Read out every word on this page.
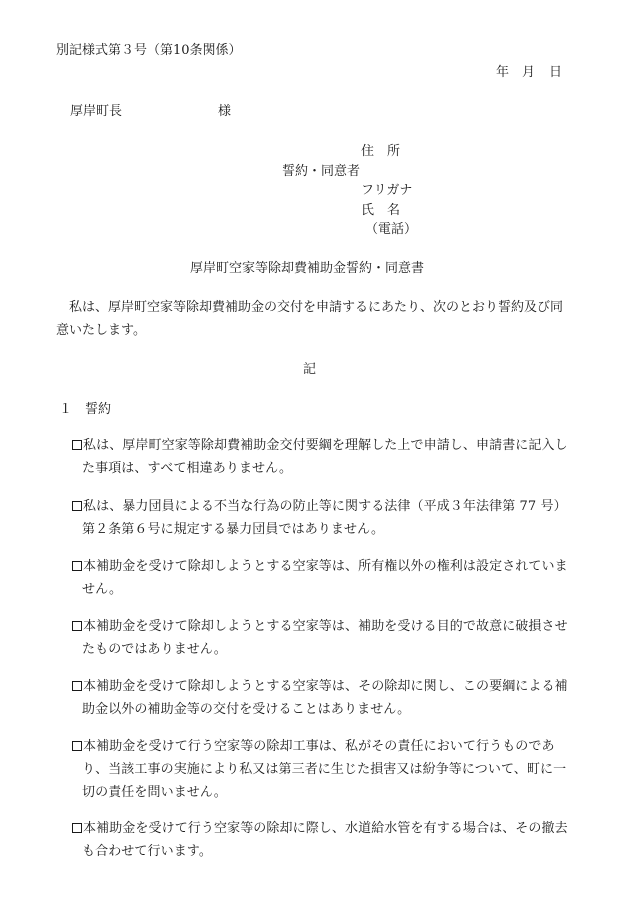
別記様式第３号（第10条関係）
年 月 日
厚岸町長	様
住　所
誓約・同意者
フリガナ
氏　名
（電話）
厚岸町空家等除却費補助金誓約・同意書
私は、厚岸町空家等除却費補助金の交付を申請するにあたり、次のとおり誓約及び同意いたします。
記
１　誓約
私は、厚岸町空家等除却費補助金交付要綱を理解した上で申請し、申請書に記入した事項は、すべて相違ありません。
私は、暴力団員による不当な行為の防止等に関する法律（平成３年法律第 77 号）第２条第６号に規定する暴力団員ではありません。
本補助金を受けて除却しようとする空家等は、所有権以外の権利は設定されていません。
本補助金を受けて除却しようとする空家等は、補助を受ける目的で故意に破損させたものではありません。
本補助金を受けて除却しようとする空家等は、その除却に関し、この要綱による補助金以外の補助金等の交付を受けることはありません。
本補助金を受けて行う空家等の除却工事は、私がその責任において行うものであり、当該工事の実施により私又は第三者に生じた損害又は紛争等について、町に一切の責任を問いません。
本補助金を受けて行う空家等の除却に際し、水道給水管を有する場合は、その撤去も合わせて行います。
